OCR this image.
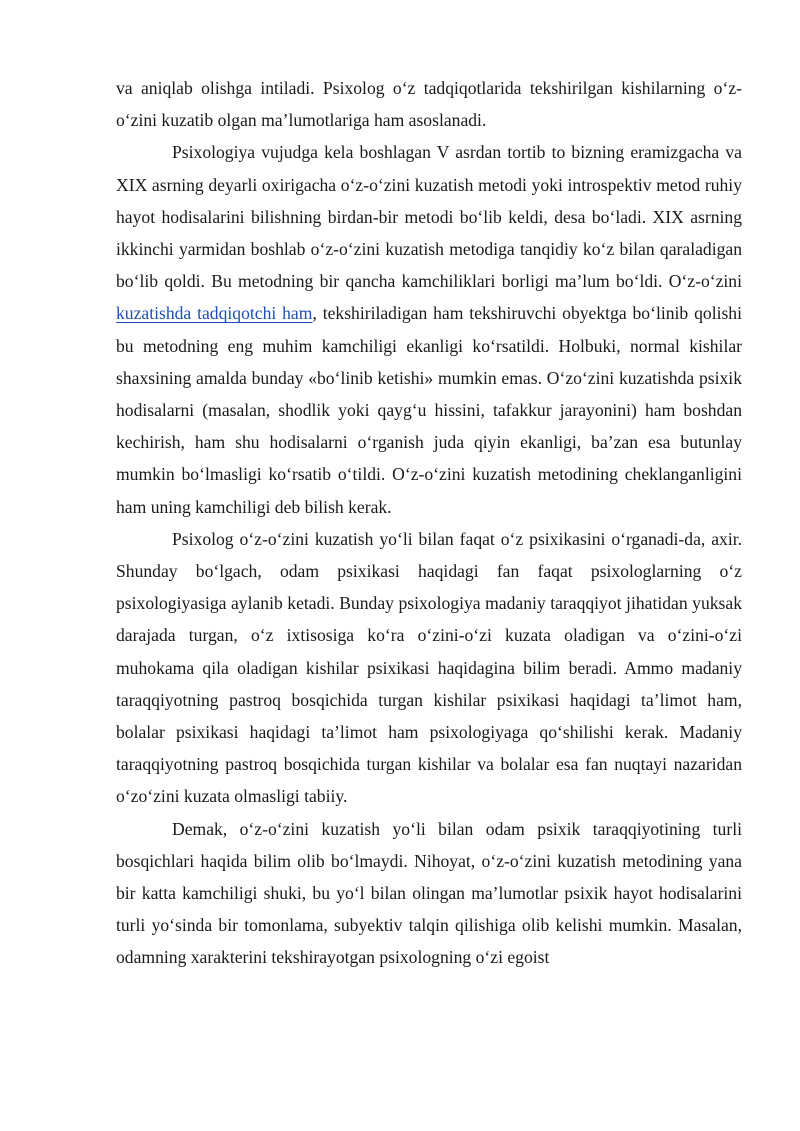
va aniqlab olishga intiladi. Psixolog o‘z tadqiqotlarida tekshirilgan kishilarning o‘z-o‘zini kuzatib olgan ma’lumotlariga ham asoslanadi.

Psixologiya vujudga kela boshlagan V asrdan tortib to bizning eramizgacha va XIX asrning deyarli oxirigacha o‘z-o‘zini kuzatish metodi yoki introspektiv metod ruhiy hayot hodisalarini bilishning birdan-bir metodi bo‘lib keldi, desa bo‘ladi. XIX asrning ikkinchi yarmidan boshlab o‘z-o‘zini kuzatish metodiga tanqidiy ko‘z bilan qaraladigan bo‘lib qoldi. Bu metodning bir qancha kamchiliklari borligi ma’lum bo‘ldi. O‘z-o‘zini kuzatishda tadqiqotchi ham, tekshiriladigan ham tekshiruvchi obyektga bo‘linib qolishi bu metodning eng muhim kamchiligi ekanligi ko‘rsatildi. Holbuki, normal kishilar shaxsining amalda bunday «bo‘linib ketishi» mumkin emas. O‘zo‘zini kuzatishda psixik hodisalarni (masalan, shodlik yoki qayg‘u hissini, tafakkur jarayonini) ham boshdan kechirish, ham shu hodisalarni o‘rganish juda qiyin ekanligi, ba’zan esa butunlay mumkin bo‘lmasligi ko‘rsatib o‘tildi. O‘z-o‘zini kuzatish metodining cheklanganligini ham uning kamchiligi deb bilish kerak.

Psixolog o‘z-o‘zini kuzatish yo‘li bilan faqat o‘z psixikasini o‘rganadi-da, axir. Shunday bo‘lgach, odam psixikasi haqidagi fan faqat psixologlarning o‘z psixologiyasiga aylanib ketadi. Bunday psixologiya madaniy taraqqiyot jihatidan yuksak darajada turgan, o‘z ixtisosiga ko‘ra o‘zini-o‘zi kuzata oladigan va o‘zini-o‘zi muhokama qila oladigan kishilar psixikasi haqidagina bilim beradi. Ammo madaniy taraqqiyotning pastroq bosqichida turgan kishilar psixikasi haqidagi ta’limot ham, bolalar psixikasi haqidagi ta’limot ham psixologiyaga qo‘shilishi kerak. Madaniy taraqqiyotning pastroq bosqichida turgan kishilar va bolalar esa fan nuqtayi nazaridan o‘zo‘zini kuzata olmasligi tabiiy.

Demak, o‘z-o‘zini kuzatish yo‘li bilan odam psixik taraqqiyotining turli bosqichlari haqida bilim olib bo‘lmaydi. Nihoyat, o‘z-o‘zini kuzatish metodining yana bir katta kamchiligi shuki, bu yo‘l bilan olingan ma’lumotlar psixik hayot hodisalarini turli yo‘sinda bir tomonlama, subyektiv talqin qilishiga olib kelishi mumkin. Masalan, odamning xarakterini tekshirayotgan psixologning o‘zi egoist
